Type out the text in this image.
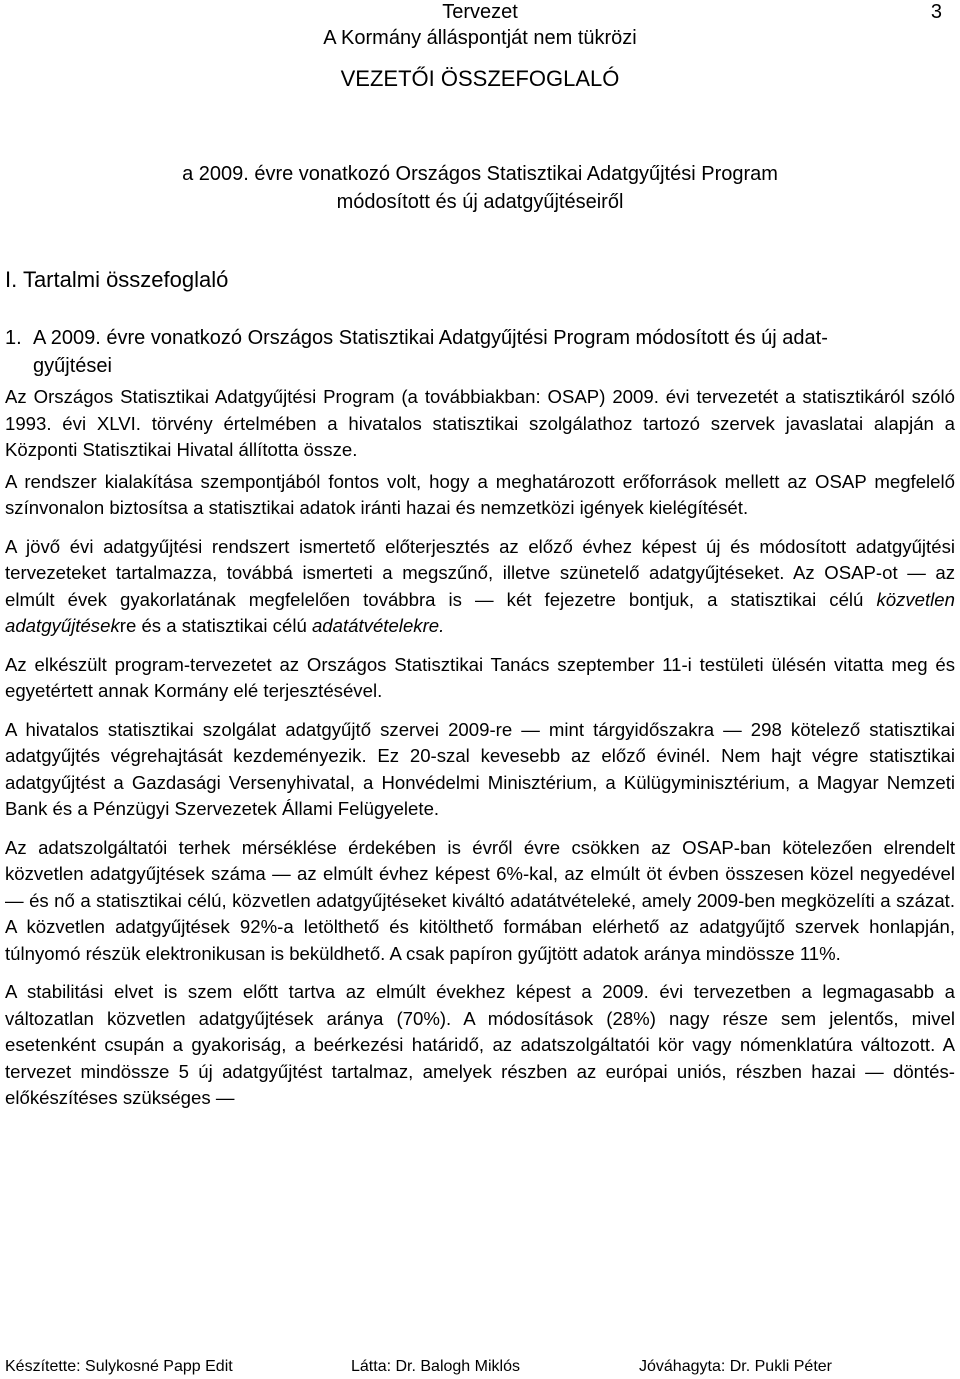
Tervezet
A Kormány álláspontját nem tükrözi
3
VEZETŐI ÖSSZEFOGLALÓ
a 2009. évre vonatkozó Országos Statisztikai Adatgyűjtési Program
módosított és új adatgyűjtéseiről
I. Tartalmi összefoglaló
1. A 2009. évre vonatkozó Országos Statisztikai Adatgyűjtési Program módosított és új adat-
gyűjtései

Az Országos Statisztikai Adatgyűjtési Program (a továbbiakban: OSAP) 2009. évi tervezetét a statisztikáról szóló 1993. évi XLVI. törvény értelmében a hivatalos statisztikai szolgálathoz tartozó szervek javaslatai alapján a Központi Statisztikai Hivatal állította össze.

A rendszer kialakítása szempontjából fontos volt, hogy a meghatározott erőforrások mellett az OSAP megfelelő színvonalon biztosítsa a statisztikai adatok iránti hazai és nemzetközi igények kielégítését.

A jövő évi adatgyűjtési rendszert ismertető előterjesztés az előző évhez képest új és módosított adatgyűjtési tervezeteket tartalmazza, továbbá ismerteti a megszűnő, illetve szünetelő adatgyűjtéseket. Az OSAP-ot — az elmúlt évek gyakorlatának megfelelően továbbra is — két fejezetre bontjuk, a statisztikai célú közvetlen adatgyűjtésekre és a statisztikai célú adatátvételekre.

Az elkészült program-tervezetet az Országos Statisztikai Tanács szeptember 11-i testületi ülésén vitatta meg és egyetértett annak Kormány elé terjesztésével.

A hivatalos statisztikai szolgálat adatgyűjtő szervei 2009-re — mint tárgyidőszakra — 298 kötelező statisztikai adatgyűjtés végrehajtását kezdeményezik. Ez 20-szal kevesebb az előző évinél. Nem hajt végre statisztikai adatgyűjtést a Gazdasági Versenyhivatal, a Honvédelmi Minisztérium, a Külügyminisztérium, a Magyar Nemzeti Bank és a Pénzügyi Szervezetek Állami Felügyelete.

Az adatszolgáltatói terhek mérséklése érdekében is évről évre csökken az OSAP-ban kötelezően elrendelt közvetlen adatgyűjtések száma — az elmúlt évhez képest 6%-kal, az elmúlt öt évben összesen közel negyedével — és nő a statisztikai célú, közvetlen adatgyűjtéseket kiváltó adatátvételeké, amely 2009-ben megközelíti a százat. A közvetlen adatgyűjtések 92%-a letölthető és kitölthető formában elérhető az adatgyűjtő szervek honlapján, túlnyomó részük elektronikusan is beküldhető. A csak papíron gyűjtött adatok aránya mindössze 11%.

A stabilitási elvet is szem előtt tartva az elmúlt évekhez képest a 2009. évi tervezetben a legmagasabb a változatlan közvetlen adatgyűjtések aránya (70%). A módosítások (28%) nagy része sem jelentős, mivel esetenként csupán a gyakoriság, a beérkezési határidő, az adatszolgáltatói kör vagy nómenklatúra változott. A tervezet mindössze 5 új adatgyűjtést tartalmaz, amelyek részben az európai uniós, részben hazai — döntés-előkészítéses szükséges —

Készítette: Sulykosné Papp Edit	Látta: Dr. Balogh Miklós	Jóváhagyta: Dr. Pukli Péter
